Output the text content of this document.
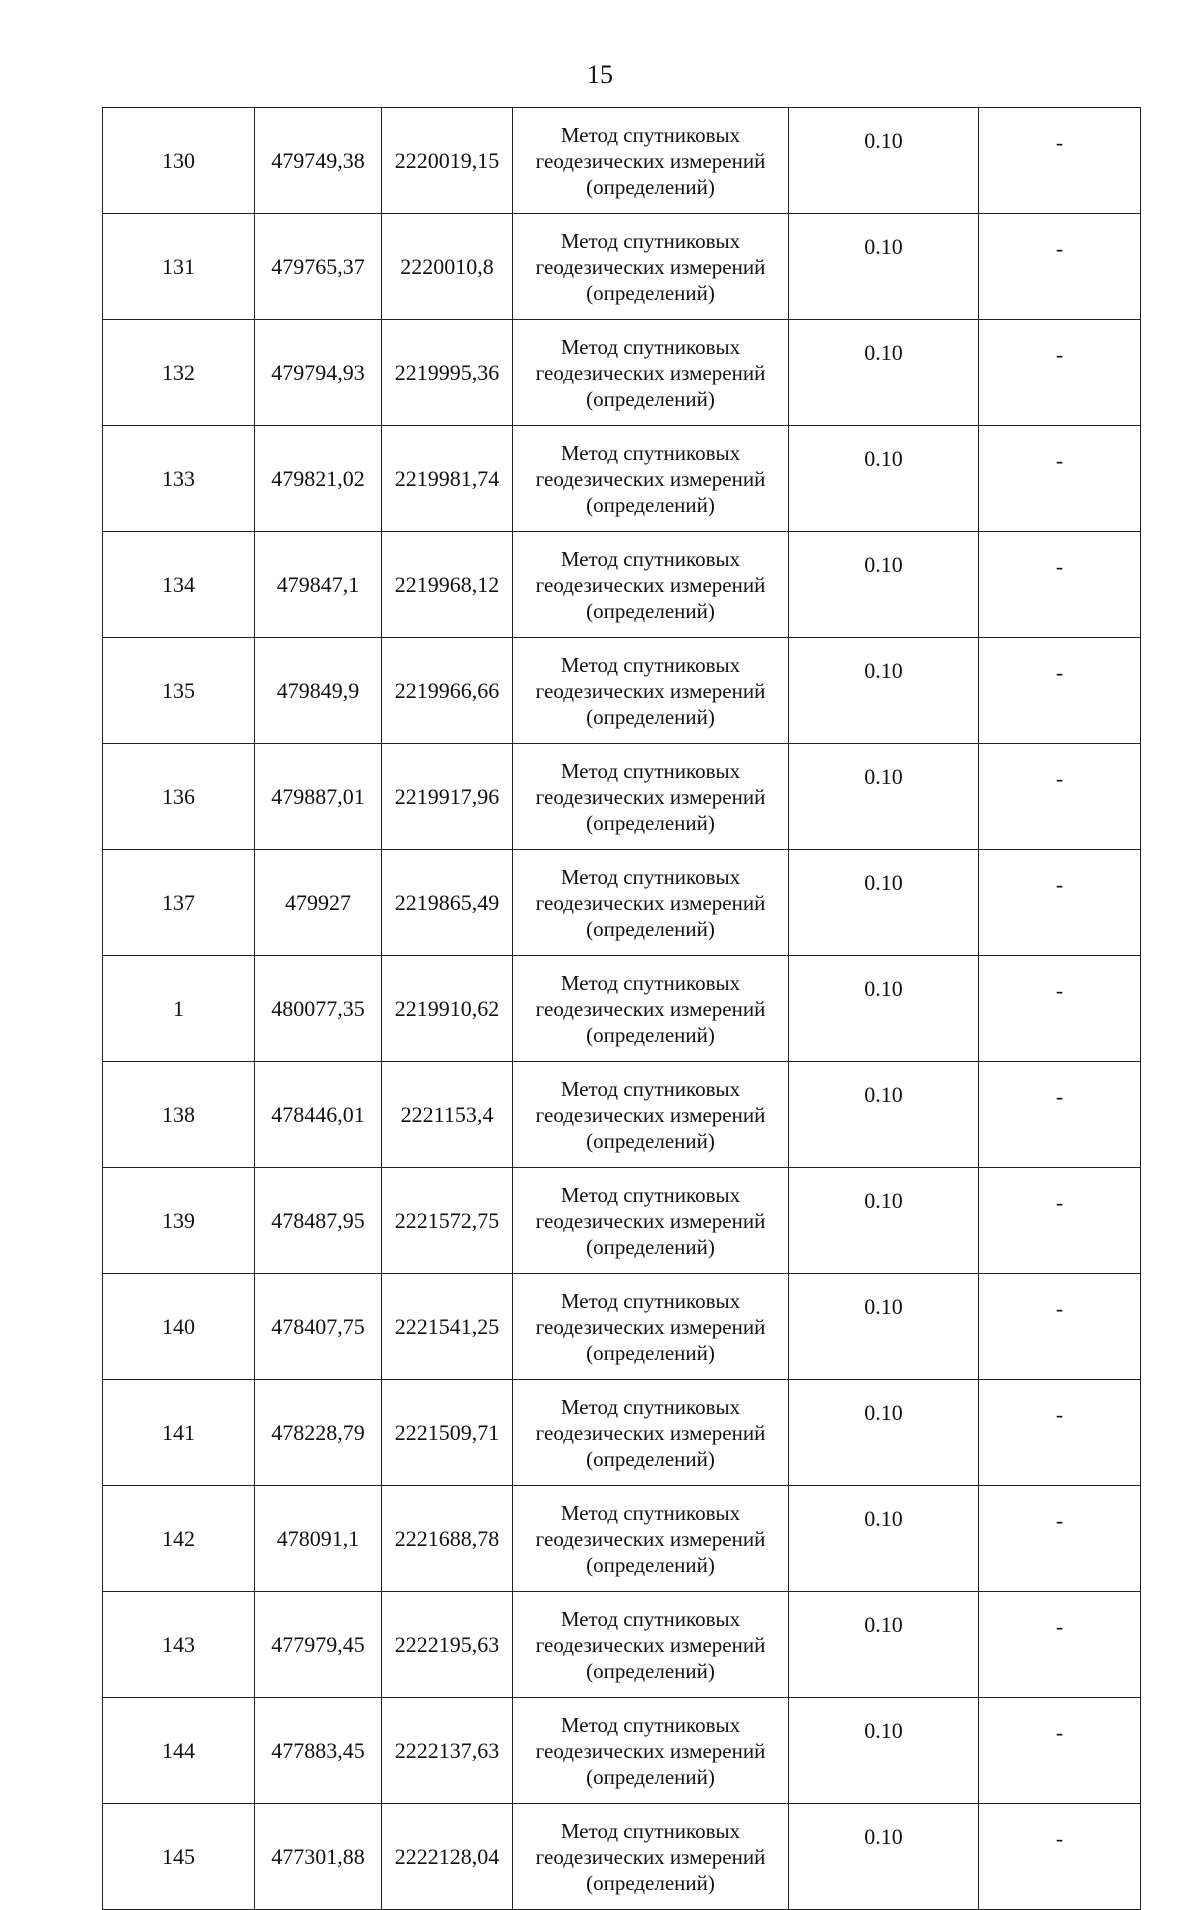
15
130	479749,38	2220019,15	Метод спутниковых геодезических измерений (определений)	0.10	-
131	479765,37	2220010,8	Метод спутниковых геодезических измерений (определений)	0.10	-
132	479794,93	2219995,36	Метод спутниковых геодезических измерений (определений)	0.10	-
133	479821,02	2219981,74	Метод спутниковых геодезических измерений (определений)	0.10	-
134	479847,1	2219968,12	Метод спутниковых геодезических измерений (определений)	0.10	-
135	479849,9	2219966,66	Метод спутниковых геодезических измерений (определений)	0.10	-
136	479887,01	2219917,96	Метод спутниковых геодезических измерений (определений)	0.10	-
137	479927	2219865,49	Метод спутниковых геодезических измерений (определений)	0.10	-
1	480077,35	2219910,62	Метод спутниковых геодезических измерений (определений)	0.10	-
138	478446,01	2221153,4	Метод спутниковых геодезических измерений (определений)	0.10	-
139	478487,95	2221572,75	Метод спутниковых геодезических измерений (определений)	0.10	-
140	478407,75	2221541,25	Метод спутниковых геодезических измерений (определений)	0.10	-
141	478228,79	2221509,71	Метод спутниковых геодезических измерений (определений)	0.10	-
142	478091,1	2221688,78	Метод спутниковых геодезических измерений (определений)	0.10	-
143	477979,45	2222195,63	Метод спутниковых геодезических измерений (определений)	0.10	-
144	477883,45	2222137,63	Метод спутниковых геодезических измерений (определений)	0.10	-
145	477301,88	2222128,04	Метод спутниковых геодезических измерений (определений)	0.10	-
